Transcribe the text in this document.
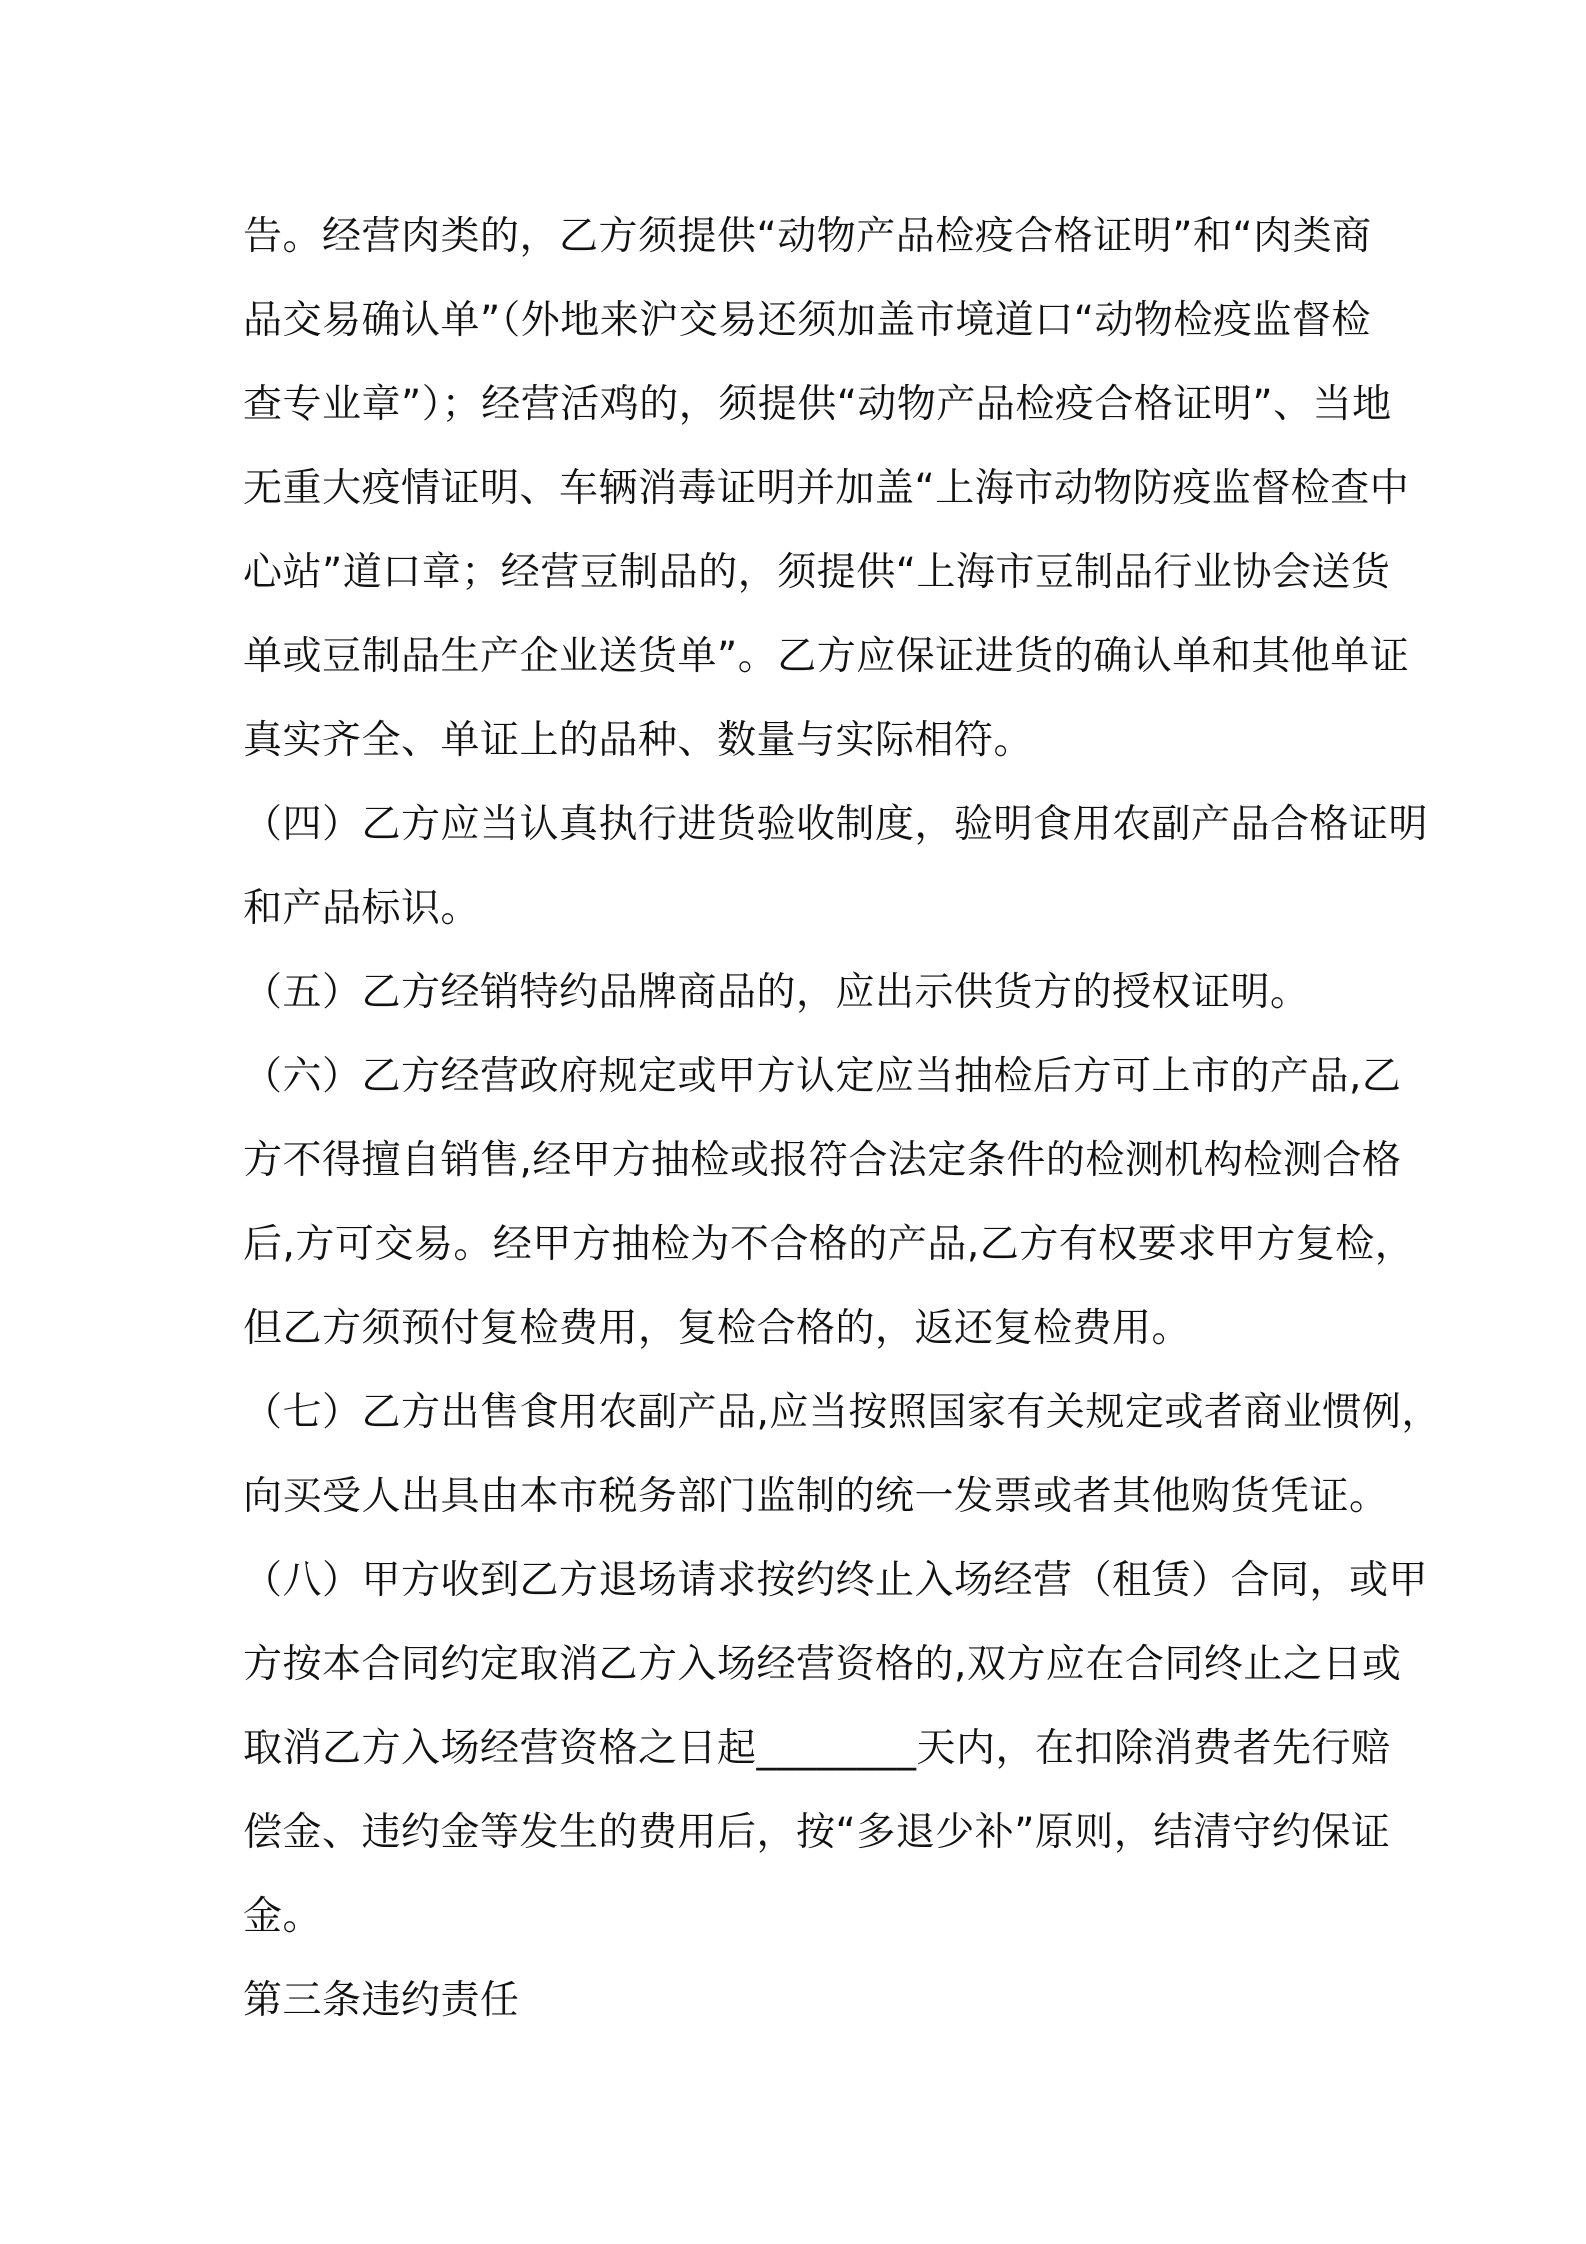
告。经营肉类的，乙方须提供“动物产品检疫合格证明”和“肉类商
品交易确认单”（外地来沪交易还须加盖市境道口“动物检疫监督检
查专业章”）；经营活鸡的，须提供“动物产品检疫合格证明”、当地
无重大疫情证明、车辆消毒证明并加盖“上海市动物防疫监督检查中
心站”道口章；经营豆制品的，须提供“上海市豆制品行业协会送货
单或豆制品生产企业送货单”。乙方应保证进货的确认单和其他单证
真实齐全、单证上的品种、数量与实际相符。
（四）乙方应当认真执行进货验收制度，验明食用农副产品合格证明
和产品标识。
（五）乙方经销特约品牌商品的，应出示供货方的授权证明。
（六）乙方经营政府规定或甲方认定应当抽检后方可上市的产品,乙
方不得擅自销售,经甲方抽检或报符合法定条件的检测机构检测合格
后,方可交易。经甲方抽检为不合格的产品,乙方有权要求甲方复检，
但乙方须预付复检费用，复检合格的，返还复检费用。
（七）乙方出售食用农副产品,应当按照国家有关规定或者商业惯例，
向买受人出具由本市税务部门监制的统一发票或者其他购货凭证。
（八）甲方收到乙方退场请求按约终止入场经营（租赁）合同，或甲
方按本合同约定取消乙方入场经营资格的,双方应在合同终止之日或
取消乙方入场经营资格之日起________天内，在扣除消费者先行赔
偿金、违约金等发生的费用后，按“多退少补”原则，结清守约保证
金。
第三条违约责任
